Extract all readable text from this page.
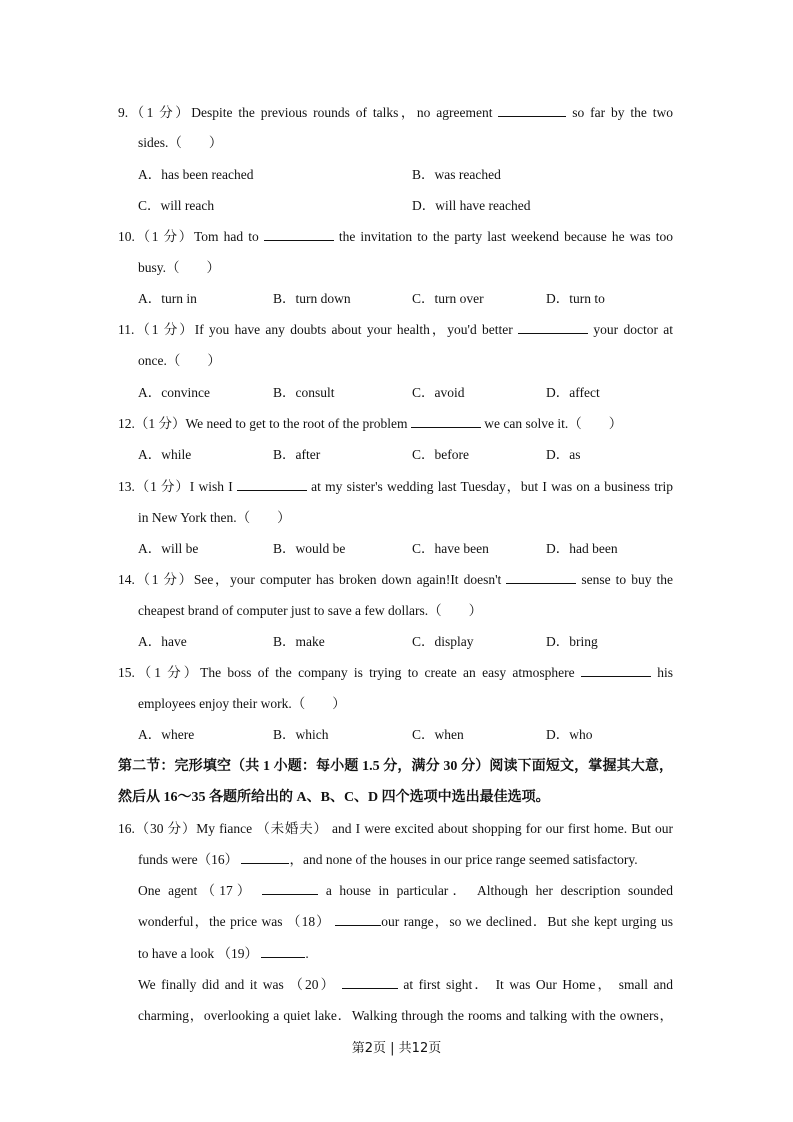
9.（1 分）Despite the previous rounds of talks，no agreement	so far by the two
sides.（　　）
A．has been reached	B．was reached
C．will reach	D．will have reached
10.（1 分）Tom had to	the invitation to the party last weekend because he was too
busy.（　　）
A．turn in	B．turn down	C．turn over	D．turn to
11.（1 分）If you have any doubts about your health，you'd better	your doctor at
once.（　　）
A．convince	B．consult	C．avoid	D．affect
12.（1 分）We need to get to the root of the problem	we can solve it.（　　）
A．while	B．after	C．before	D．as
13.（1 分）I wish I	at my sister's wedding last Tuesday，but I was on a business trip
in New York then.（　　）
A．will be	B．would be	C．have been	D．had been
14.（1 分）See，your computer has broken down again!It doesn't	sense to buy the
cheapest brand of computer just to save a few dollars.（　　）
A．have	B．make	C．display	D．bring
15.（1 分）The boss of the company is trying to create an easy atmosphere	his
employees enjoy their work.（　　）
A．where	B．which	C．when	D．who
第二节：完形填空（共 1 小题：每小题 1.5 分，满分 30 分）阅读下面短文，掌握其大意，
然后从 16～35 各题所给出的 A、B、C、D 四个选项中选出最佳选项。
16.（30 分）My fiance （未婚夫） and I were excited about shopping for our first home. But our
funds were（16）	，and none of the houses in our price range seemed satisfactory.
One agent（17）	a house in particular． Although her description sounded
wonderful，the price was （18）	our range，so we declined．But she kept urging us
to have a look （19）	.
We finally did and it was （20）	at first sight． It was Our Home， small and
charming，overlooking a quiet lake．Walking through the rooms and talking with the owners，
第2页 | 共12页
